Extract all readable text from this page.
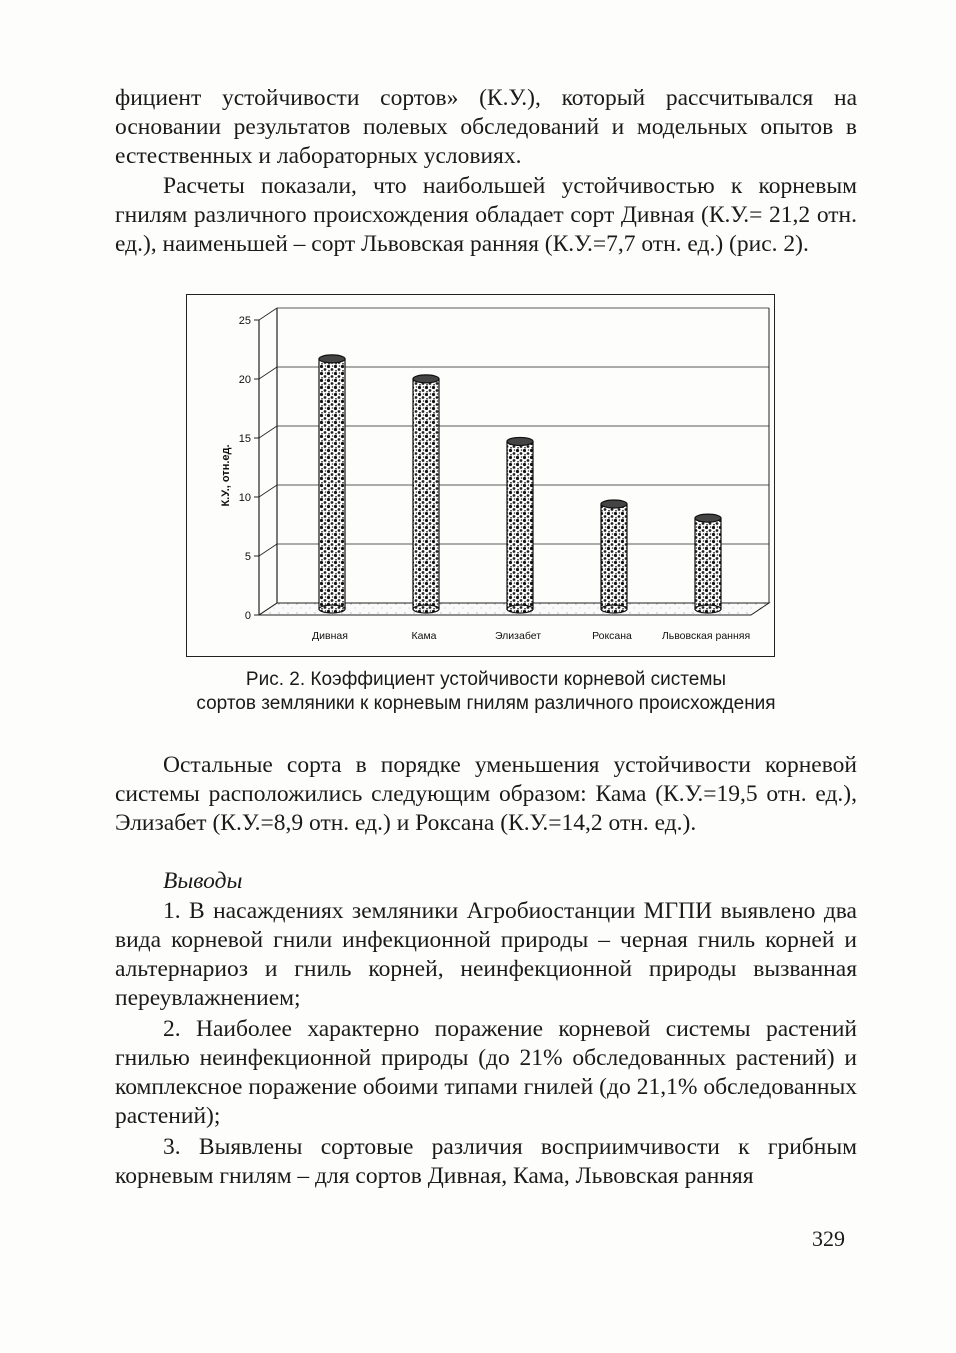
фициент устойчивости сортов» (К.У.), который рассчитывался на основании результатов полевых обследований и модельных опытов в естественных и лабораторных условиях.

Расчеты показали, что наибольшей устойчивостью к корневым гнилям различного происхождения обладает сорт Дивная (К.У.= 21,2 отн. ед.), наименьшей – сорт Львовская ранняя (К.У.=7,7 отн. ед.) (рис. 2).

0
5
10
15
20
25
К.У., отн.ед.
Дивная	Кама	Элизабет	Роксана	Львовская ранняя

Рис. 2. Коэффициент устойчивости корневой системы
сортов земляники к корневым гнилям различного происхождения

Остальные сорта в порядке уменьшения устойчивости корневой системы расположились следующим образом: Кама (К.У.=19,5 отн. ед.), Элизабет (К.У.=8,9 отн. ед.) и Роксана (К.У.=14,2 отн. ед.).

Выводы

1. В насаждениях земляники Агробиостанции МГПИ выявлено два вида корневой гнили инфекционной природы – черная гниль корней и альтернариоз и гниль корней, неинфекционной природы вызванная переувлажнением;

2. Наиболее характерно поражение корневой системы растений гнилью неинфекционной природы (до 21% обследованных растений) и комплексное поражение обоими типами гнилей (до 21,1% обследованных растений);

3. Выявлены сортовые различия восприимчивости к грибным корневым гнилям – для сортов Дивная, Кама, Львовская ранняя

329
